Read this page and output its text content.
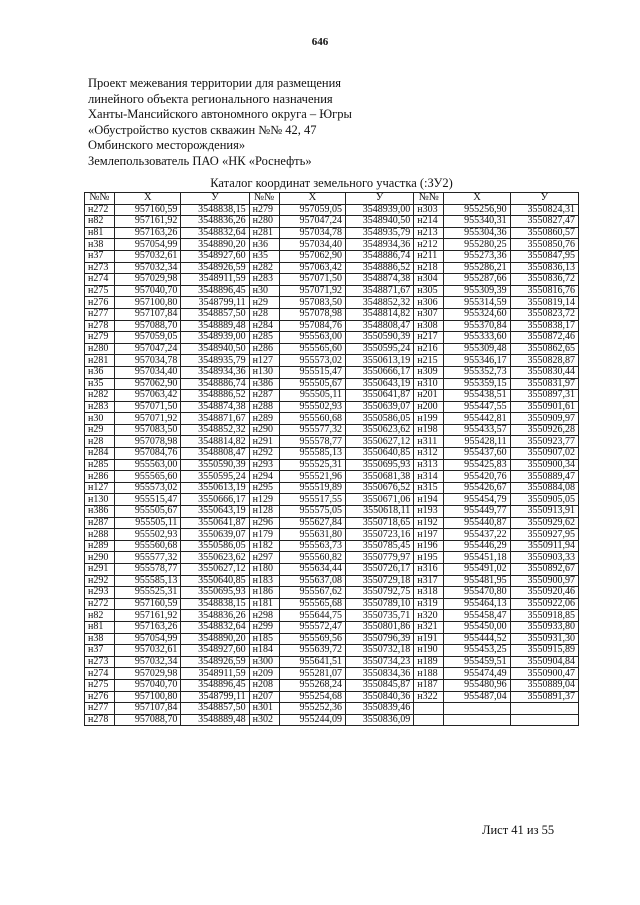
646
Проект межевания территории для размещения
линейного объекта регионального назначения
Ханты-Мансийского автономного округа – Югры
«Обустройство кустов скважин №№ 42, 47
Омбинского месторождения»
Землепользователь ПАО «НК «Роснефть»
Каталог координат земельного участка (:ЗУ2)
№№	X	У	№№	X	У	№№	X	У
н272	957160,59	3548838,15	н279	957059,05	3548939,00	н303	955256,90	3550824,31
н82	957161,92	3548836,26	н280	957047,24	3548940,50	н214	955340,31	3550827,47
н81	957163,26	3548832,64	н281	957034,78	3548935,79	н213	955304,36	3550860,57
н38	957054,99	3548890,20	н36	957034,40	3548934,36	н212	955280,25	3550850,76
н37	957032,61	3548927,60	н35	957062,90	3548886,74	н211	955273,36	3550847,95
н273	957032,34	3548926,59	н282	957063,42	3548886,52	н218	955286,21	3550836,13
н274	957029,98	3548911,59	н283	957071,50	3548874,38	н304	955287,66	3550836,72
н275	957040,70	3548896,45	н30	957071,92	3548871,67	н305	955309,39	3550816,76
н276	957100,80	3548799,11	н29	957083,50	3548852,32	н306	955314,59	3550819,14
н277	957107,84	3548857,50	н28	957078,98	3548814,82	н307	955324,60	3550823,72
н278	957088,70	3548889,48	н284	957084,76	3548808,47	н308	955370,84	3550838,17
н279	957059,05	3548939,00	н285	955563,00	3550590,39	н217	955333,60	3550872,46
н280	957047,24	3548940,50	н286	955565,60	3550595,24	н216	955309,48	3550862,65
н281	957034,78	3548935,79	н127	955573,02	3550613,19	н215	955346,17	3550828,87
н36	957034,40	3548934,36	н130	955515,47	3550666,17	н309	955352,73	3550830,44
н35	957062,90	3548886,74	н386	955505,67	3550643,19	н310	955359,15	3550831,97
н282	957063,42	3548886,52	н287	955505,11	3550641,87	н201	955438,51	3550897,31
н283	957071,50	3548874,38	н288	955502,93	3550639,07	н200	955447,55	3550901,61
н30	957071,92	3548871,67	н289	955560,68	3550586,05	н199	955442,81	3550909,97
н29	957083,50	3548852,32	н290	955577,32	3550623,62	н198	955433,57	3550926,28
н28	957078,98	3548814,82	н291	955578,77	3550627,12	н311	955428,11	3550923,77
н284	957084,76	3548808,47	н292	955585,13	3550640,85	н312	955437,60	3550907,02
н285	955563,00	3550590,39	н293	955525,31	3550695,93	н313	955425,83	3550900,34
н286	955565,60	3550595,24	н294	955521,96	3550681,38	н314	955420,76	3550889,47
н127	955573,02	3550613,19	н295	955519,89	3550676,52	н315	955426,67	3550884,08
н130	955515,47	3550666,17	н129	955517,55	3550671,06	н194	955454,79	3550905,05
н386	955505,67	3550643,19	н128	955575,05	3550618,11	н193	955449,77	3550913,91
н287	955505,11	3550641,87	н296	955627,84	3550718,65	н192	955440,87	3550929,62
н288	955502,93	3550639,07	н179	955631,80	3550723,16	н197	955437,22	3550927,95
н289	955560,68	3550586,05	н182	955563,73	3550785,45	н196	955446,29	3550911,94
н290	955577,32	3550623,62	н297	955560,82	3550779,97	н195	955451,18	3550903,33
н291	955578,77	3550627,12	н180	955634,44	3550726,17	н316	955491,02	3550892,67
н292	955585,13	3550640,85	н183	955637,08	3550729,18	н317	955481,95	3550900,97
н293	955525,31	3550695,93	н186	955567,62	3550792,75	н318	955470,80	3550920,46
н272	957160,59	3548838,15	н181	955565,68	3550789,10	н319	955464,13	3550922,06
н82	957161,92	3548836,26	н298	955644,75	3550735,71	н320	955458,47	3550918,85
н81	957163,26	3548832,64	н299	955572,47	3550801,86	н321	955450,00	3550933,80
н38	957054,99	3548890,20	н185	955569,56	3550796,39	н191	955444,52	3550931,30
н37	957032,61	3548927,60	н184	955639,72	3550732,18	н190	955453,25	3550915,89
н273	957032,34	3548926,59	н300	955641,51	3550734,23	н189	955459,51	3550904,84
н274	957029,98	3548911,59	н209	955281,07	3550834,36	н188	955474,49	3550900,47
н275	957040,70	3548896,45	н208	955268,24	3550845,87	н187	955480,96	3550889,04
н276	957100,80	3548799,11	н207	955254,68	3550840,36	н322	955487,04	3550891,37
н277	957107,84	3548857,50	н301	955252,36	3550839,46			
н278	957088,70	3548889,48	н302	955244,09	3550836,09			
Лист 41 из 55
